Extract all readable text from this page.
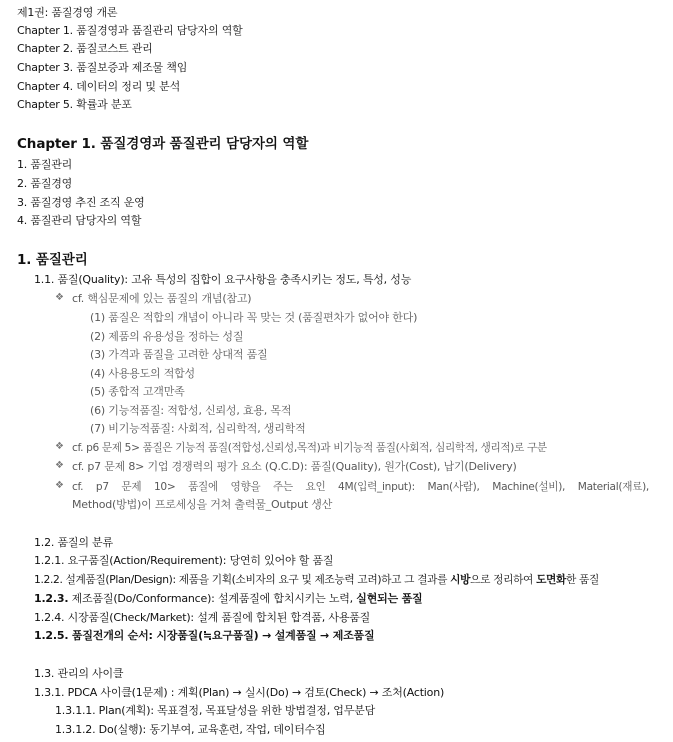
제1권: 품질경영 개론
Chapter 1. 품질경영과 품질관리 담당자의 역할
Chapter 2. 품질코스트 관리
Chapter 3. 품질보증과 제조물 책임
Chapter 4. 데이터의 정리 및 분석
Chapter 5. 확률과 분포
Chapter 1. 품질경영과 품질관리 담당자의 역할
1. 품질관리
2. 품질경영
3. 품질경영 추진 조직 운영
4. 품질관리 담당자의 역할
1. 품질관리
1.1. 품질(Quality): 고유 특성의 집합이 요구사항을 충족시키는 정도, 특성, 성능
❖ cf. 핵심문제에 있는 품질의 개념(참고)
(1) 품질은 적합의 개념이 아니라 꼭 맞는 것 (품질편차가 없어야 한다)
(2) 제품의 유용성을 정하는 성질
(3) 가격과 품질을 고려한 상대적 품질
(4) 사용용도의 적합성
(5) 종합적 고객만족
(6) 기능적품질: 적합성, 신뢰성, 효용, 목적
(7) 비기능적품질: 사회적, 심리학적, 생리학적
❖ cf. p6 문제 5> 품질은 기능적 품질(적합성,신뢰성,목적)과 비기능적 품질(사회적, 심리학적, 생리적)로 구분
❖ cf. p7 문제 8> 기업 경쟁력의 평가 요소 (Q.C.D): 품질(Quality), 원가(Cost), 납기(Delivery)
❖ cf. p7 문제 10> 품질에 영향을 주는 요인 4M(입력_input): Man(사람), Machine(설비), Material(재료),
Method(방법)이 프로세싱을 거쳐 출력물_Output 생산
1.2. 품질의 분류
1.2.1. 요구품질(Action/Requirement): 당연히 있어야 할 품질
1.2.2. 설계품질(Plan/Design): 제품을 기획(소비자의 요구 및 제조능력 고려)하고 그 결과를 시방으로 정리하여 도면화한 품질
1.2.3. 제조품질(Do/Conformance): 설계품질에 합치시키는 노력, 실현되는 품질
1.2.4. 시장품질(Check/Market): 설계 품질에 합치된 합격품, 사용품질
1.2.5. 품질전개의 순서: 시장품질(≒요구품질) → 설계품질 → 제조품질
1.3. 관리의 사이클
1.3.1. PDCA 사이클(1문제) : 계획(Plan) → 실시(Do) → 검토(Check) → 조처(Action)
1.3.1.1. Plan(계획): 목표결정, 목표달성을 위한 방법결정, 업무분담
1.3.1.2. Do(실행): 동기부여, 교육훈련, 작업, 데이터수집
